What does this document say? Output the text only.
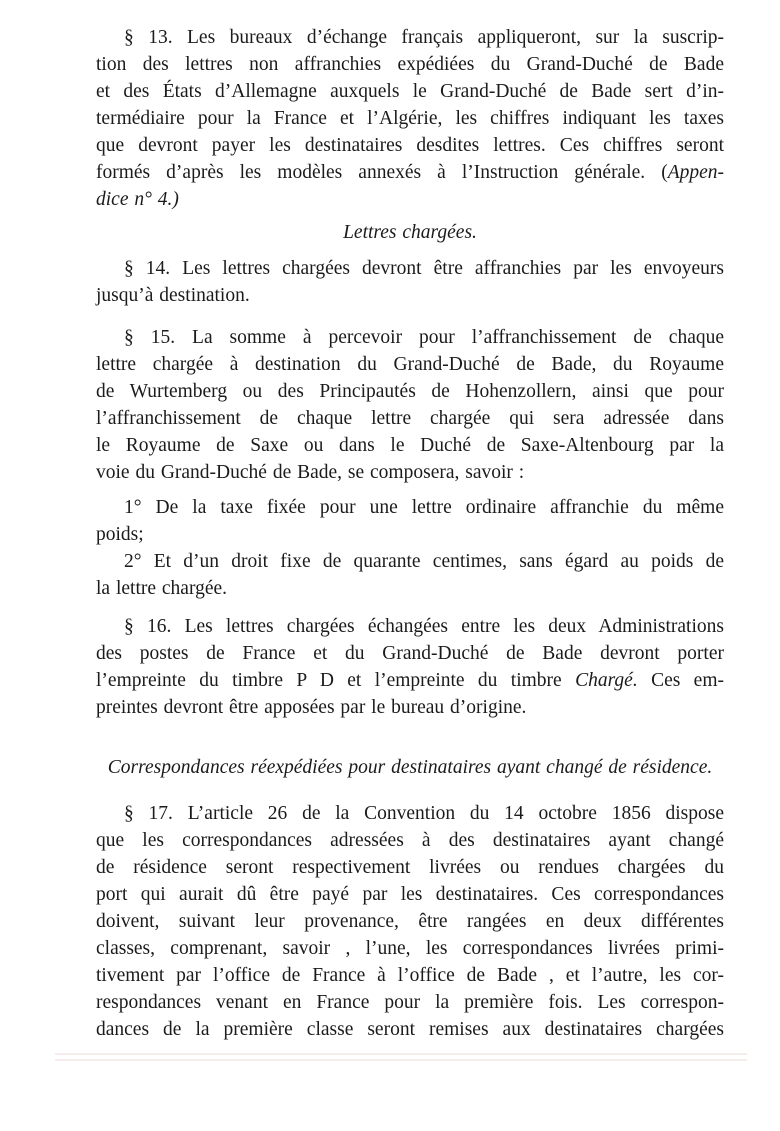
§ 13. Les bureaux d’échange français appliqueront, sur la suscrip-
tion des lettres non affranchies expédiées du Grand-Duché de Bade
et des États d’Allemagne auxquels le Grand-Duché de Bade sert d’in-
termédiaire pour la France et l’Algérie, les chiffres indiquant les taxes
que devront payer les destinataires desdites lettres. Ces chiffres seront
formés d’après les modèles annexés à l’Instruction générale. (Appen-
dice n° 4.)
Lettres chargées.
§ 14. Les lettres chargées devront être affranchies par les envoyeurs
jusqu’à destination.
§ 15. La somme à percevoir pour l’affranchissement de chaque
lettre chargée à destination du Grand-Duché de Bade, du Royaume
de Wurtemberg ou des Principautés de Hohenzollern, ainsi que pour
l’affranchissement de chaque lettre chargée qui sera adressée dans
le Royaume de Saxe ou dans le Duché de Saxe-Altenbourg par la
voie du Grand-Duché de Bade, se composera, savoir :
1° De la taxe fixée pour une lettre ordinaire affranchie du même
poids;
2° Et d’un droit fixe de quarante centimes, sans égard au poids de
la lettre chargée.
§ 16. Les lettres chargées échangées entre les deux Administrations
des postes de France et du Grand-Duché de Bade devront porter
l’empreinte du timbre P D et l’empreinte du timbre Chargé. Ces em-
preintes devront être apposées par le bureau d’origine.
Correspondances réexpédiées pour destinataires ayant changé de résidence.
§ 17. L’article 26 de la Convention du 14 octobre 1856 dispose
que les correspondances adressées à des destinataires ayant changé
de résidence seront respectivement livrées ou rendues chargées du
port qui aurait dû être payé par les destinataires. Ces correspondances
doivent, suivant leur provenance, être rangées en deux différentes
classes, comprenant, savoir , l’une, les correspondances livrées primi-
tivement par l’office de France à l’office de Bade , et l’autre, les cor-
respondances venant en France pour la première fois. Les correspon-
dances de la première classe seront remises aux destinataires chargées
